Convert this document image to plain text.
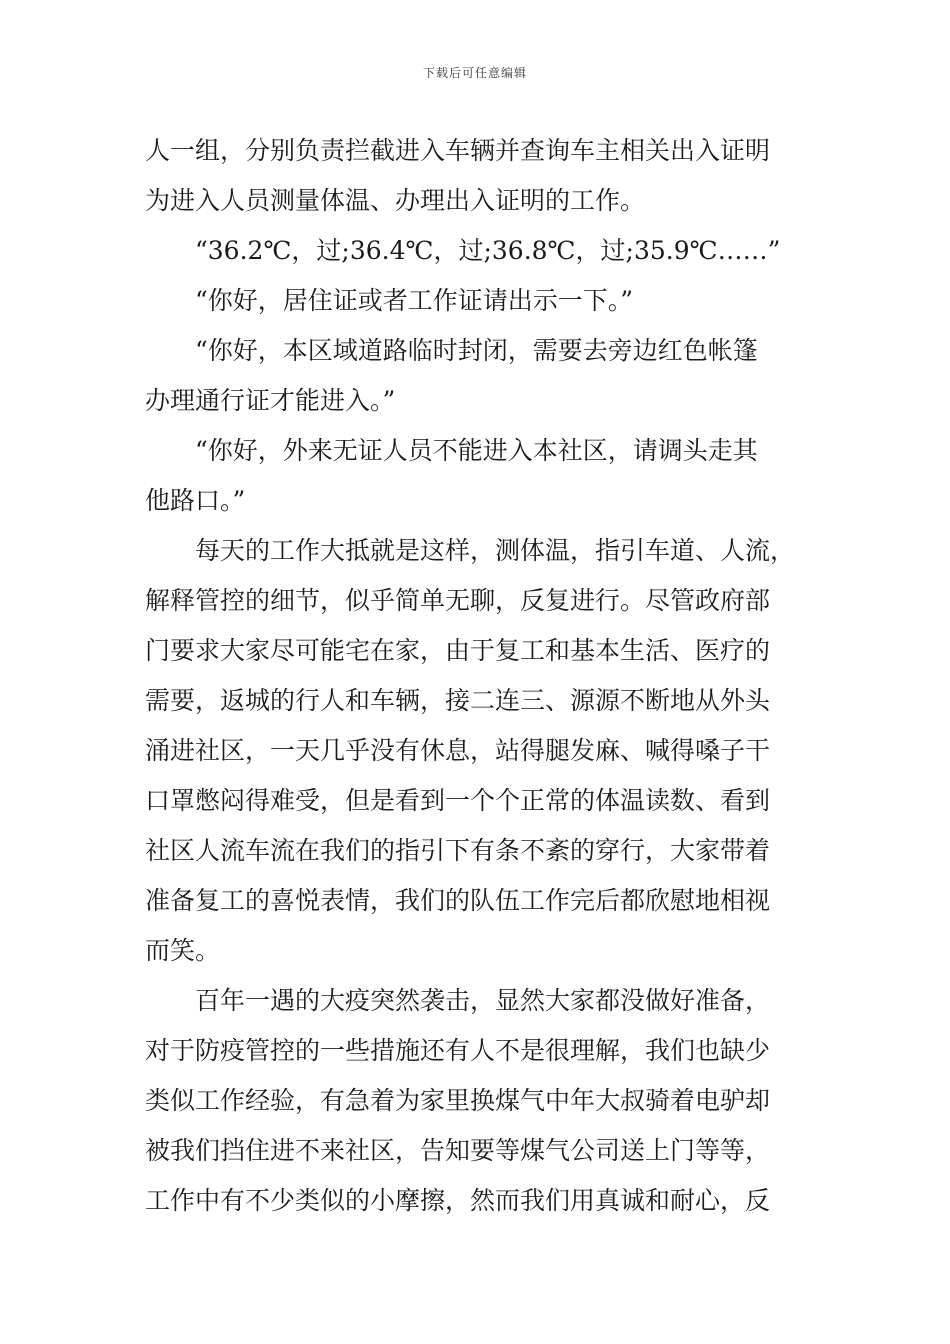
下载后可任意编辑
人一组，分别负责拦截进入车辆并查询车主相关出入证明
为进入人员测量体温、办理出入证明的工作。
“36.2℃，过;36.4℃，过;36.8℃，过;35.9℃……”
“你好，居住证或者工作证请出示一下。”
“你好，本区域道路临时封闭，需要去旁边红色帐篷
办理通行证才能进入。”
“你好，外来无证人员不能进入本社区，请调头走其
他路口。”
每天的工作大抵就是这样，测体温，指引车道、人流，
解释管控的细节，似乎简单无聊，反复进行。尽管政府部
门要求大家尽可能宅在家，由于复工和基本生活、医疗的
需要，返城的行人和车辆，接二连三、源源不断地从外头
涌进社区，一天几乎没有休息，站得腿发麻、喊得嗓子干
口罩憋闷得难受，但是看到一个个正常的体温读数、看到
社区人流车流在我们的指引下有条不紊的穿行，大家带着
准备复工的喜悦表情，我们的队伍工作完后都欣慰地相视
而笑。
百年一遇的大疫突然袭击，显然大家都没做好准备，
对于防疫管控的一些措施还有人不是很理解，我们也缺少
类似工作经验，有急着为家里换煤气中年大叔骑着电驴却
被我们挡住进不来社区，告知要等煤气公司送上门等等，
工作中有不少类似的小摩擦，然而我们用真诚和耐心，反
